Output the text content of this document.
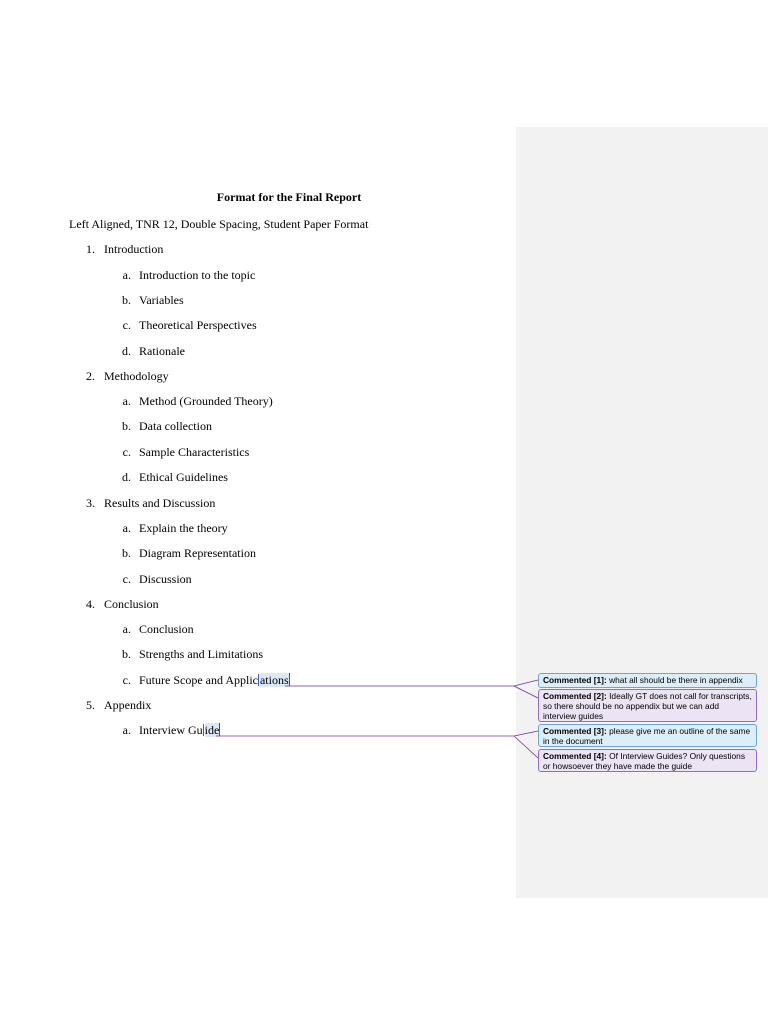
Format for the Final Report
Left Aligned, TNR 12, Double Spacing, Student Paper Format
1. Introduction
a. Introduction to the topic
b. Variables
c. Theoretical Perspectives
d. Rationale
2. Methodology
a. Method (Grounded Theory)
b. Data collection
c. Sample Characteristics
d. Ethical Guidelines
3. Results and Discussion
a. Explain the theory
b. Diagram Representation
c. Discussion
4. Conclusion
a. Conclusion
b. Strengths and Limitations
c. Future Scope and Applic ations
5. Appendix
a. Interview Gu ide
Commented [1]: what all should be there in appendix
Commented [2]: Ideally GT does not call for transcripts, so there should be no appendix but we can add interview guides
Commented [3]: please give me an outline of the same in the document
Commented [4]: Of Interview Guides? Only questions or howsoever they have made the guide
